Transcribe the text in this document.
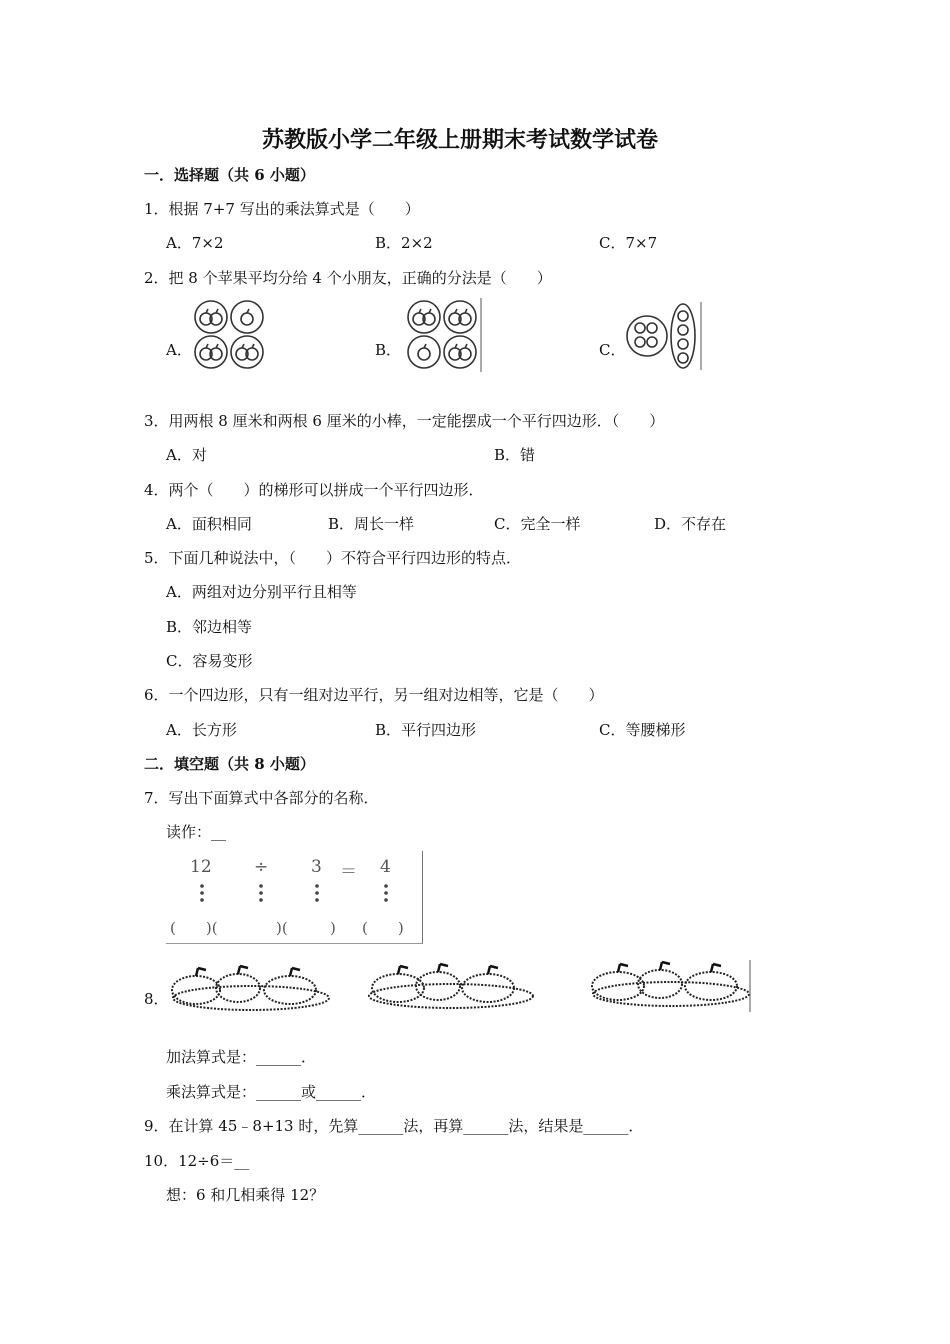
苏教版小学二年级上册期末考试数学试卷
一．选择题（共 6 小题）
1．根据 7+7 写出的乘法算式是（　　）
A．7×2	B．2×2	C．7×7
2．把 8 个苹果平均分给 4 个小朋友，正确的分法是（　　）
A．	B．	C．
3．用两根 8 厘米和两根 6 厘米的小棒，一定能摆成一个平行四边形．（　　）
A．对	B．错
4．两个（　　）的梯形可以拼成一个平行四边形．
A．面积相同	B．周长一样	C．完全一样	D．不存在
5．下面几种说法中，（　　）不符合平行四边形的特点．
A．两组对边分别平行且相等
B．邻边相等
C．容易变形
6．一个四边形，只有一组对边平行，另一组对边相等，它是（　　）
A．长方形	B．平行四边形	C．等腰梯形
二．填空题（共 8 小题）
7．写出下面算式中各部分的名称．
读作：__
12 ÷	3 ＝ 4
(　　)( 　　)( 　　) (　　)
8．
加法算式是：______．
乘法算式是：______或______．
9．在计算 45﹣8+13 时，先算______法，再算______法，结果是______．
10．12÷6＝__
想：6 和几相乘得 12？
